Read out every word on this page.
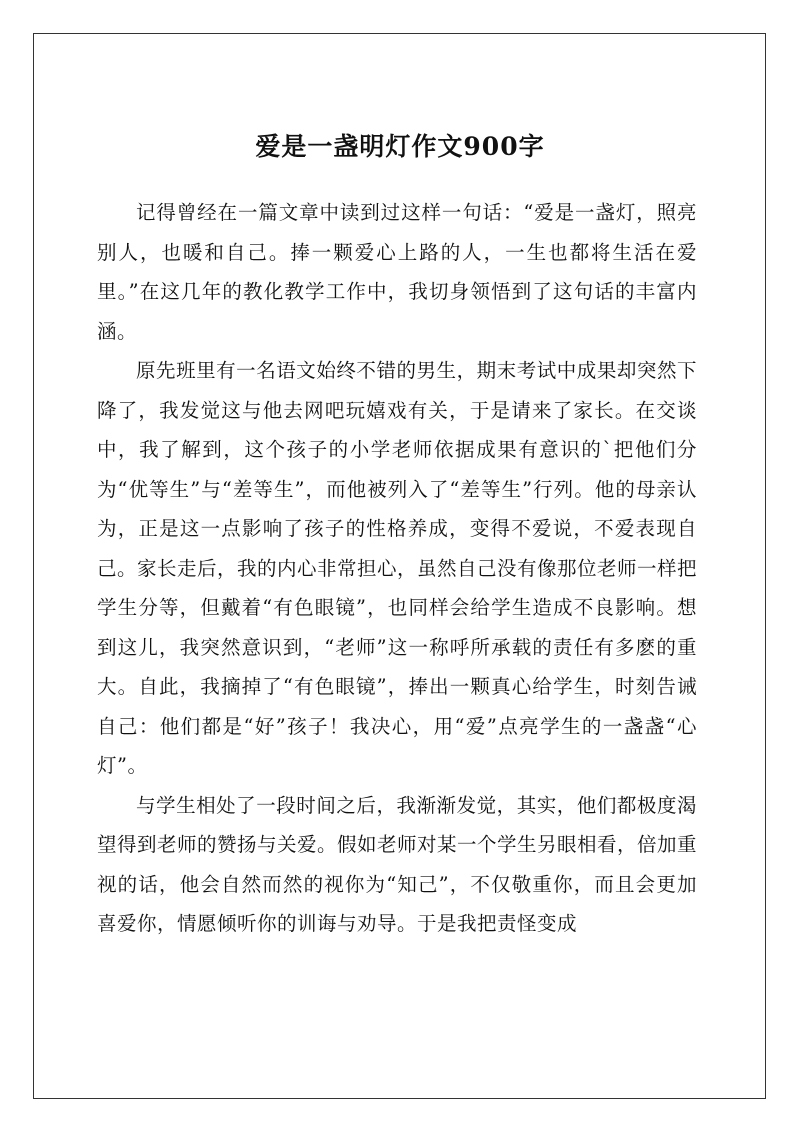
爱是一盏明灯作文900字

记得曾经在一篇文章中读到过这样一句话：“爱是一盏灯，照亮别人，也暖和自己。捧一颗爱心上路的人，一生也都将生活在爱里。”在这几年的教化教学工作中，我切身领悟到了这句话的丰富内涵。

原先班里有一名语文始终不错的男生，期末考试中成果却突然下降了，我发觉这与他去网吧玩嬉戏有关，于是请来了家长。在交谈中，我了解到，这个孩子的小学老师依据成果有意识的`把他们分为“优等生”与“差等生”，而他被列入了“差等生”行列。他的母亲认为，正是这一点影响了孩子的性格养成，变得不爱说，不爱表现自己。家长走后，我的内心非常担心，虽然自己没有像那位老师一样把学生分等，但戴着“有色眼镜”，也同样会给学生造成不良影响。想到这儿，我突然意识到，“老师”这一称呼所承载的责任有多麽的重大。自此，我摘掉了“有色眼镜”，捧出一颗真心给学生，时刻告诫自己：他们都是“好”孩子！我决心，用“爱”点亮学生的一盏盏“心灯”。

与学生相处了一段时间之后，我渐渐发觉，其实，他们都极度渴望得到老师的赞扬与关爱。假如老师对某一个学生另眼相看，倍加重视的话，他会自然而然的视你为“知己”，不仅敬重你，而且会更加喜爱你，情愿倾听你的训诲与劝导。于是我把责怪变成
